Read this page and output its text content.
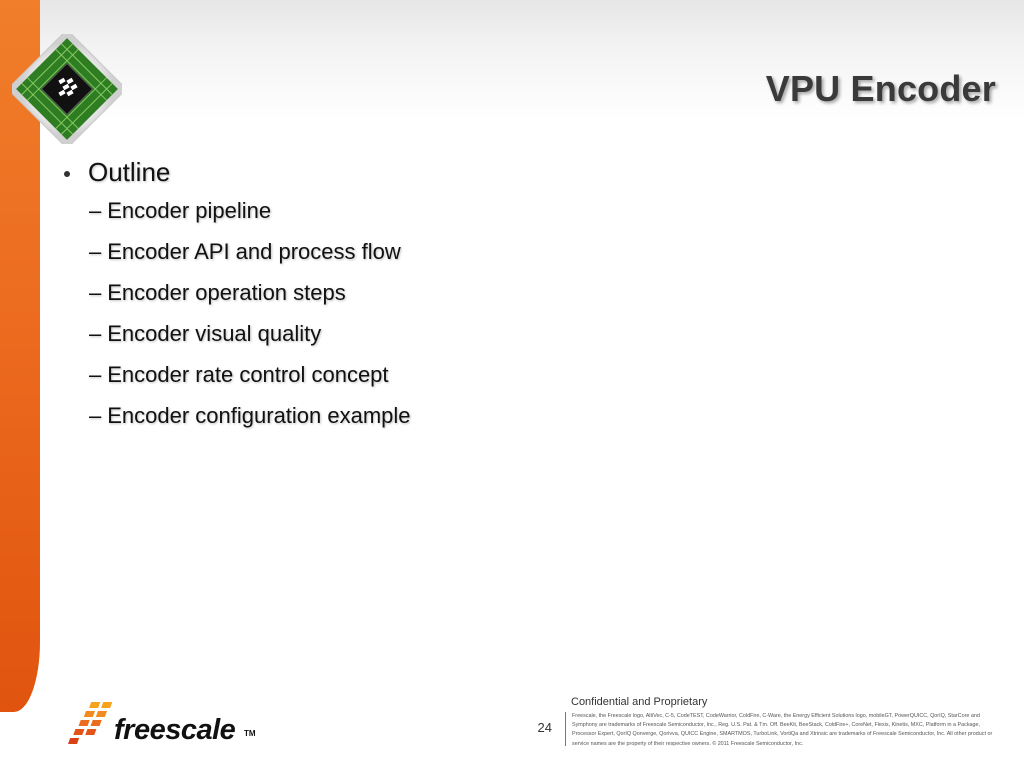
VPU Encoder
Outline
– Encoder pipeline
– Encoder API and process flow
– Encoder operation steps
– Encoder visual quality
– Encoder rate control concept
– Encoder configuration example
freescale TM	24
Confidential and Proprietary
Freescale, the Freescale logo, AltiVec, C-5, CodeTEST, CodeWarrior, ColdFire, C-Ware, the Energy Efficient Solutions logo, mobileGT, PowerQUICC, QorIQ, StarCore and Symphony are trademarks of Freescale Semiconductor, Inc., Reg. U.S. Pat. & Tm. Off. BeeKit, BeeStack, ColdFire+, CoreNet, Flexis, Kinetis, MXC, Platform in a Package, Processor Expert, QorIQ Qonverge, Qorivva, QUICC Engine, SMARTMOS, TurboLink, VortiQa and Xtrinsic are trademarks of Freescale Semiconductor, Inc. All other product or service names are the property of their respective owners. © 2011 Freescale Semiconductor, Inc.
